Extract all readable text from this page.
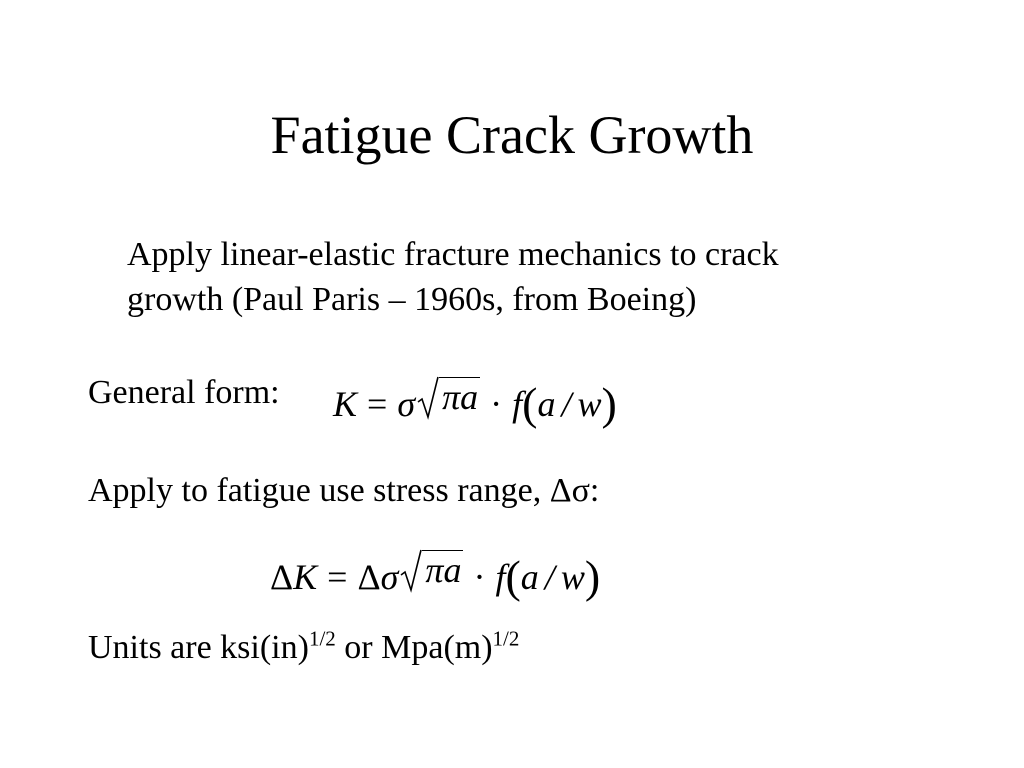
Fatigue Crack Growth
Apply linear-elastic fracture mechanics to crack
growth (Paul Paris – 1960s, from Boeing)
General form: K = σ πa · f ( a / w )
Apply to fatigue use stress range, Δσ:
Δ K = Δ σ πa · f ( a / w )
Units are ksi(in)$^{1/2}$ or $Mpa(m)^{1/2}$
